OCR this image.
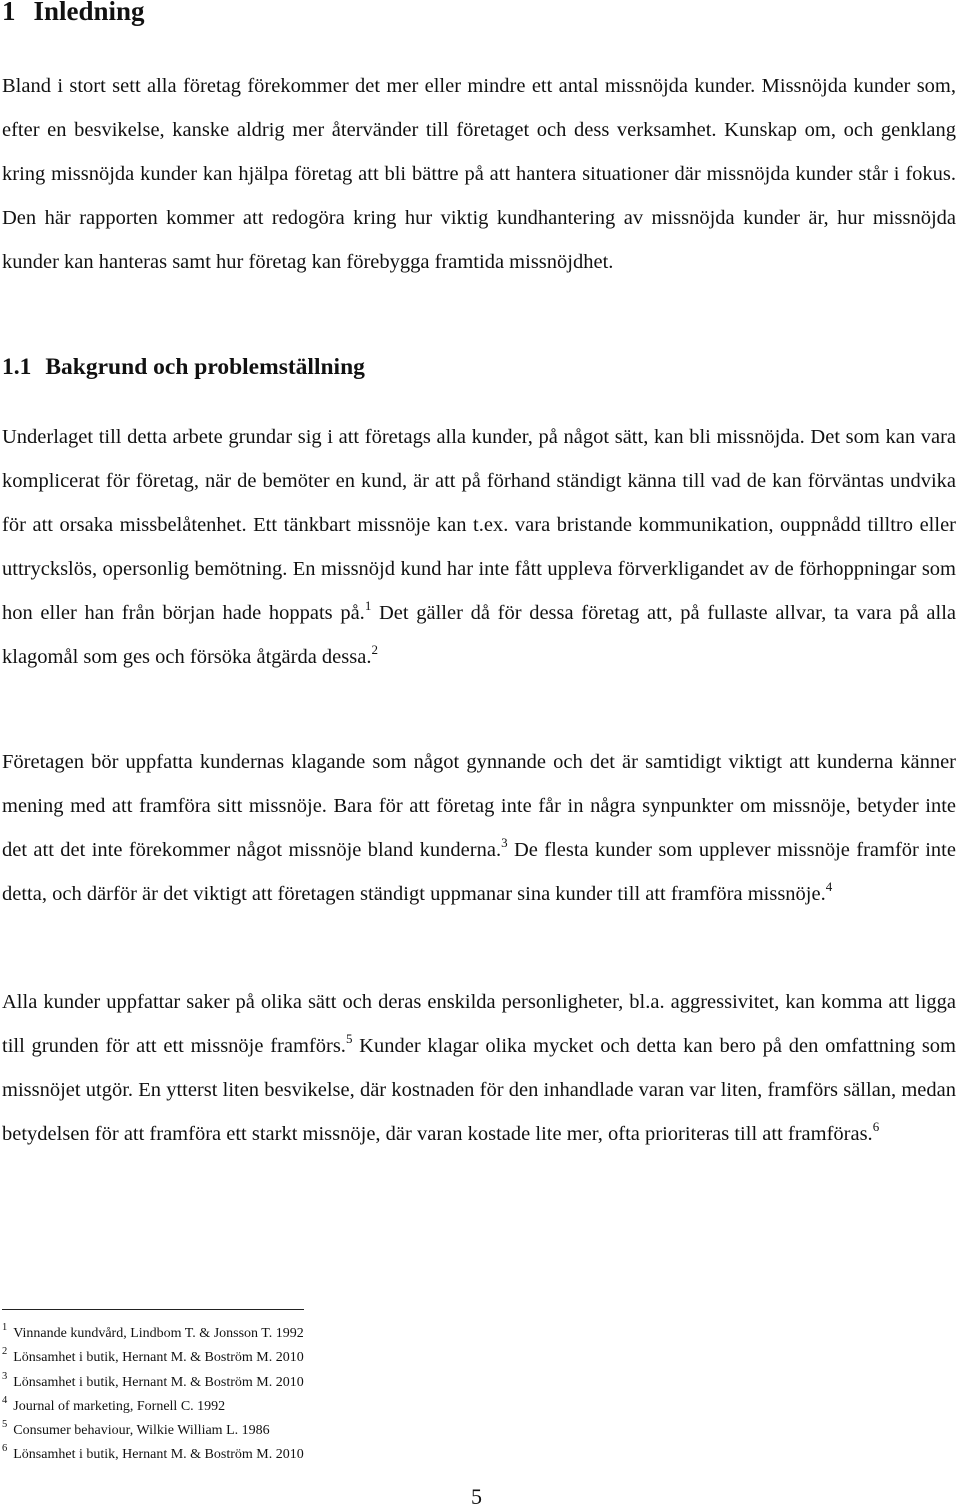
1 Inledning

Bland i stort sett alla företag förekommer det mer eller mindre ett antal missnöjda kunder. Missnöjda kunder som, efter en besvikelse, kanske aldrig mer återvänder till företaget och dess verksamhet. Kunskap om, och genklang kring missnöjda kunder kan hjälpa företag att bli bättre på att hantera situationer där missnöjda kunder står i fokus. Den här rapporten kommer att redogöra kring hur viktig kundhantering av missnöjda kunder är, hur missnöjda kunder kan hanteras samt hur företag kan förebygga framtida missnöjdhet.

1.1 Bakgrund och problemställning

Underlaget till detta arbete grundar sig i att företags alla kunder, på något sätt, kan bli missnöjda. Det som kan vara komplicerat för företag, när de bemöter en kund, är att på förhand ständigt känna till vad de kan förväntas undvika för att orsaka missbelåtenhet. Ett tänkbart missnöje kan t.ex. vara bristande kommunikation, ouppnådd tilltro eller uttryckslös, opersonlig bemötning. En missnöjd kund har inte fått uppleva förverkligandet av de förhoppningar som hon eller han från början hade hoppats på.$^1$ Det gäller då för dessa företag att, på fullaste allvar, ta vara på alla klagomål som ges och försöka åtgärda dessa.$^2$

Företagen bör uppfatta kundernas klagande som något gynnande och det är samtidigt viktigt att kunderna känner mening med att framföra sitt missnöje. Bara för att företag inte får in några synpunkter om missnöje, betyder inte det att det inte förekommer något missnöje bland kunderna.$^3$ De flesta kunder som upplever missnöje framför inte detta, och därför är det viktigt att företagen ständigt uppmanar sina kunder till att framföra missnöje.$^4$

Alla kunder uppfattar saker på olika sätt och deras enskilda personligheter, bl.a. aggressivitet, kan komma att ligga till grunden för att ett missnöje framförs.$^5$ Kunder klagar olika mycket och detta kan bero på den omfattning som missnöjet utgör. En ytterst liten besvikelse, där kostnaden för den inhandlade varan var liten, framförs sällan, medan betydelsen för att framföra ett starkt missnöje, där varan kostade lite mer, ofta prioriteras till att framföras.$^6$

$^1$ Vinnande kundvård, Lindbom T. & Jonsson T. 1992
$^2$ Lönsamhet i butik, Hernant M. & Boström M. 2010
$^3$ Lönsamhet i butik, Hernant M. & Boström M. 2010
$^4$ Journal of marketing, Fornell C. 1992
$^5$ Consumer behaviour, Wilkie William L. 1986
$^6$ Lönsamhet i butik, Hernant M. & Boström M. 2010
5
